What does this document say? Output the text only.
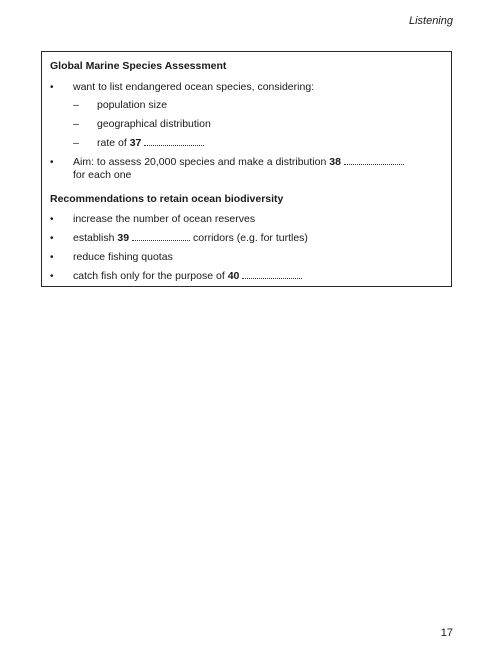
Listening
Global Marine Species Assessment
• want to list endangered ocean species, considering:
– population size
– geographical distribution
– rate of 37
• Aim: to assess 20,000 species and make a distribution 38
for each one
Recommendations to retain ocean biodiversity
• increase the number of ocean reserves
• establish 39	corridors (e.g. for turtles)
• reduce fishing quotas
• catch fish only for the purpose of 40
17
